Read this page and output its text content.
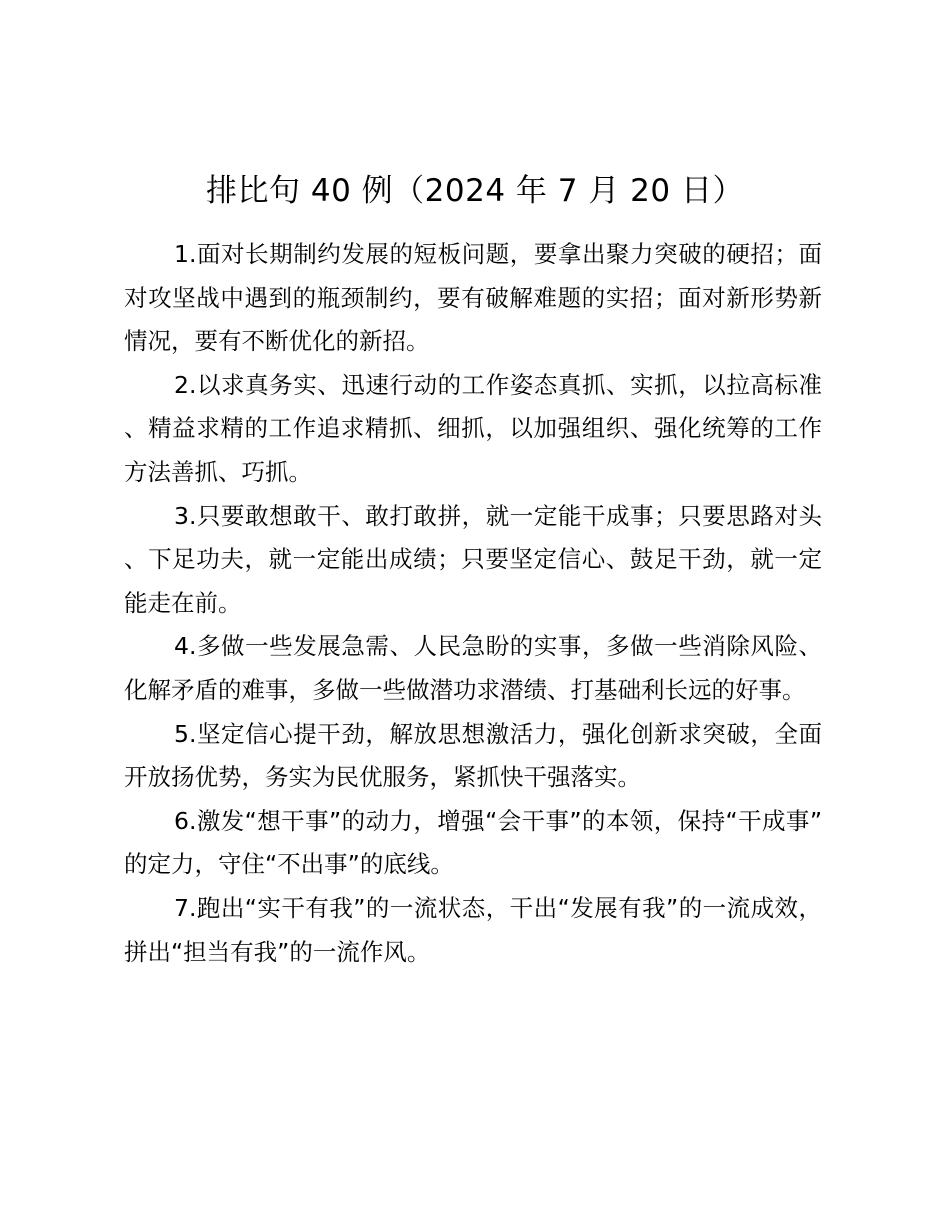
排比句 40 例（2024 年 7 月 20 日）

1.面对长期制约发展的短板问题，要拿出聚力突破的硬招；面对攻坚战中遇到的瓶颈制约，要有破解难题的实招；面对新形势新情况，要有不断优化的新招。

2.以求真务实、迅速行动的工作姿态真抓、实抓，以拉高标准、精益求精的工作追求精抓、细抓，以加强组织、强化统筹的工作方法善抓、巧抓。

3.只要敢想敢干、敢打敢拼，就一定能干成事；只要思路对头、下足功夫，就一定能出成绩；只要坚定信心、鼓足干劲，就一定能走在前。

4.多做一些发展急需、人民急盼的实事，多做一些消除风险、化解矛盾的难事，多做一些做潜功求潜绩、打基础利长远的好事。

5.坚定信心提干劲，解放思想激活力，强化创新求突破，全面开放扬优势，务实为民优服务，紧抓快干强落实。

6.激发“想干事”的动力，增强“会干事”的本领，保持“干成事”的定力，守住“不出事”的底线。

7.跑出“实干有我”的一流状态，干出“发展有我”的一流成效，拼出“担当有我”的一流作风。
